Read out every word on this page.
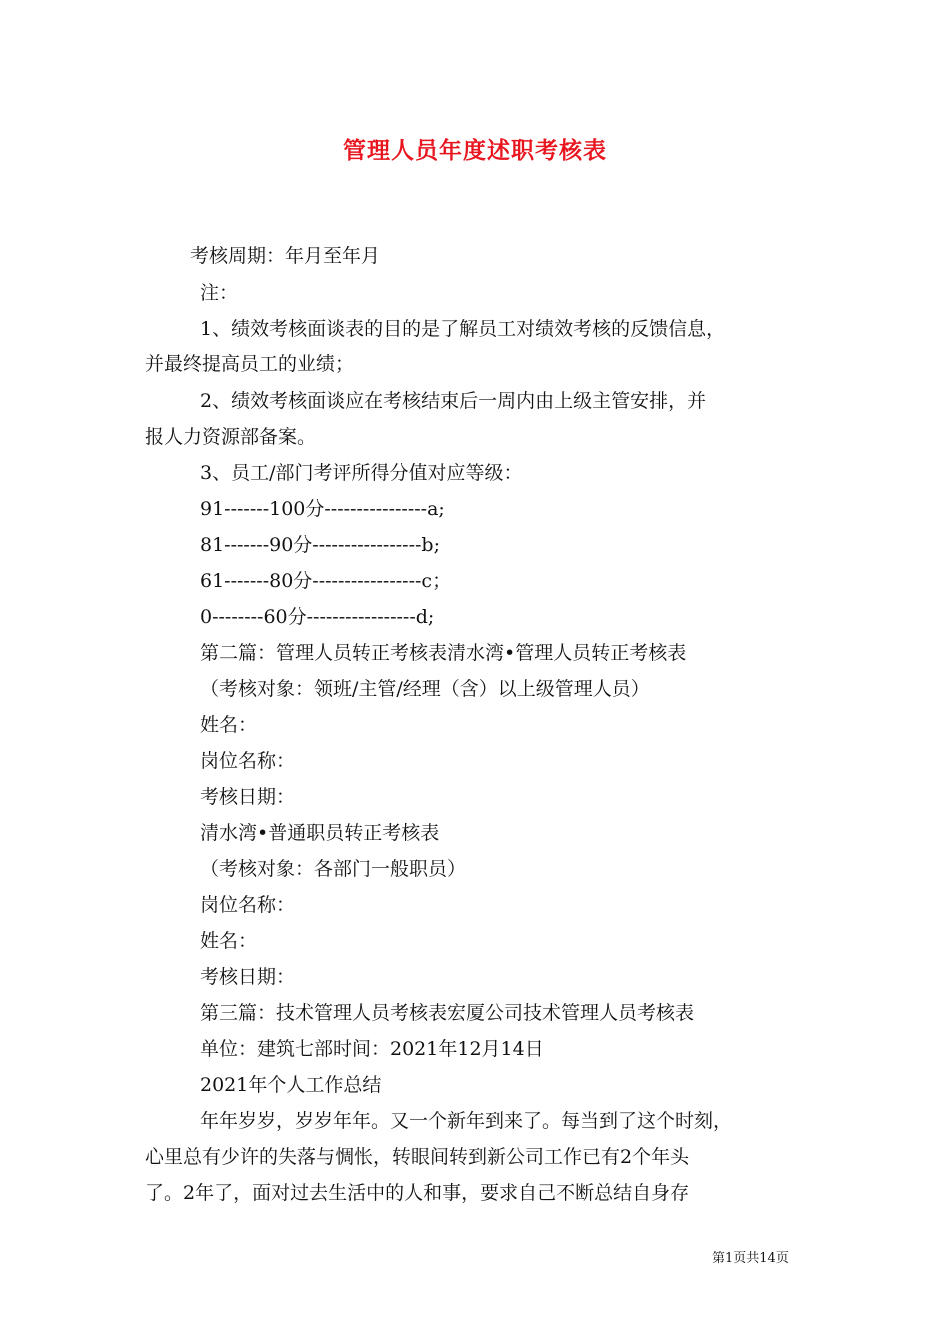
管理人员年度述职考核表
考核周期：年月至年月
注：
1、绩效考核面谈表的目的是了解员工对绩效考核的反馈信息，
并最终提高员工的业绩；
2、绩效考核面谈应在考核结束后一周内由上级主管安排，并
报人力资源部备案。
3、员工/部门考评所得分值对应等级：
91-------100分----------------a;
81-------90分-----------------b;
61-------80分-----------------c；
0--------60分-----------------d;
第二篇：管理人员转正考核表清水湾•管理人员转正考核表
（考核对象：领班/主管/经理（含）以上级管理人员）
姓名：
岗位名称：
考核日期：
清水湾•普通职员转正考核表
（考核对象：各部门一般职员）
岗位名称：
姓名：
考核日期：
第三篇：技术管理人员考核表宏厦公司技术管理人员考核表
单位：建筑七部时间：2021年12月14日
2021年个人工作总结
年年岁岁，岁岁年年。又一个新年到来了。每当到了这个时刻，
心里总有少许的失落与惆怅，转眼间转到新公司工作已有2个年头
了。2年了，面对过去生活中的人和事，要求自己不断总结自身存
第1页共14页
